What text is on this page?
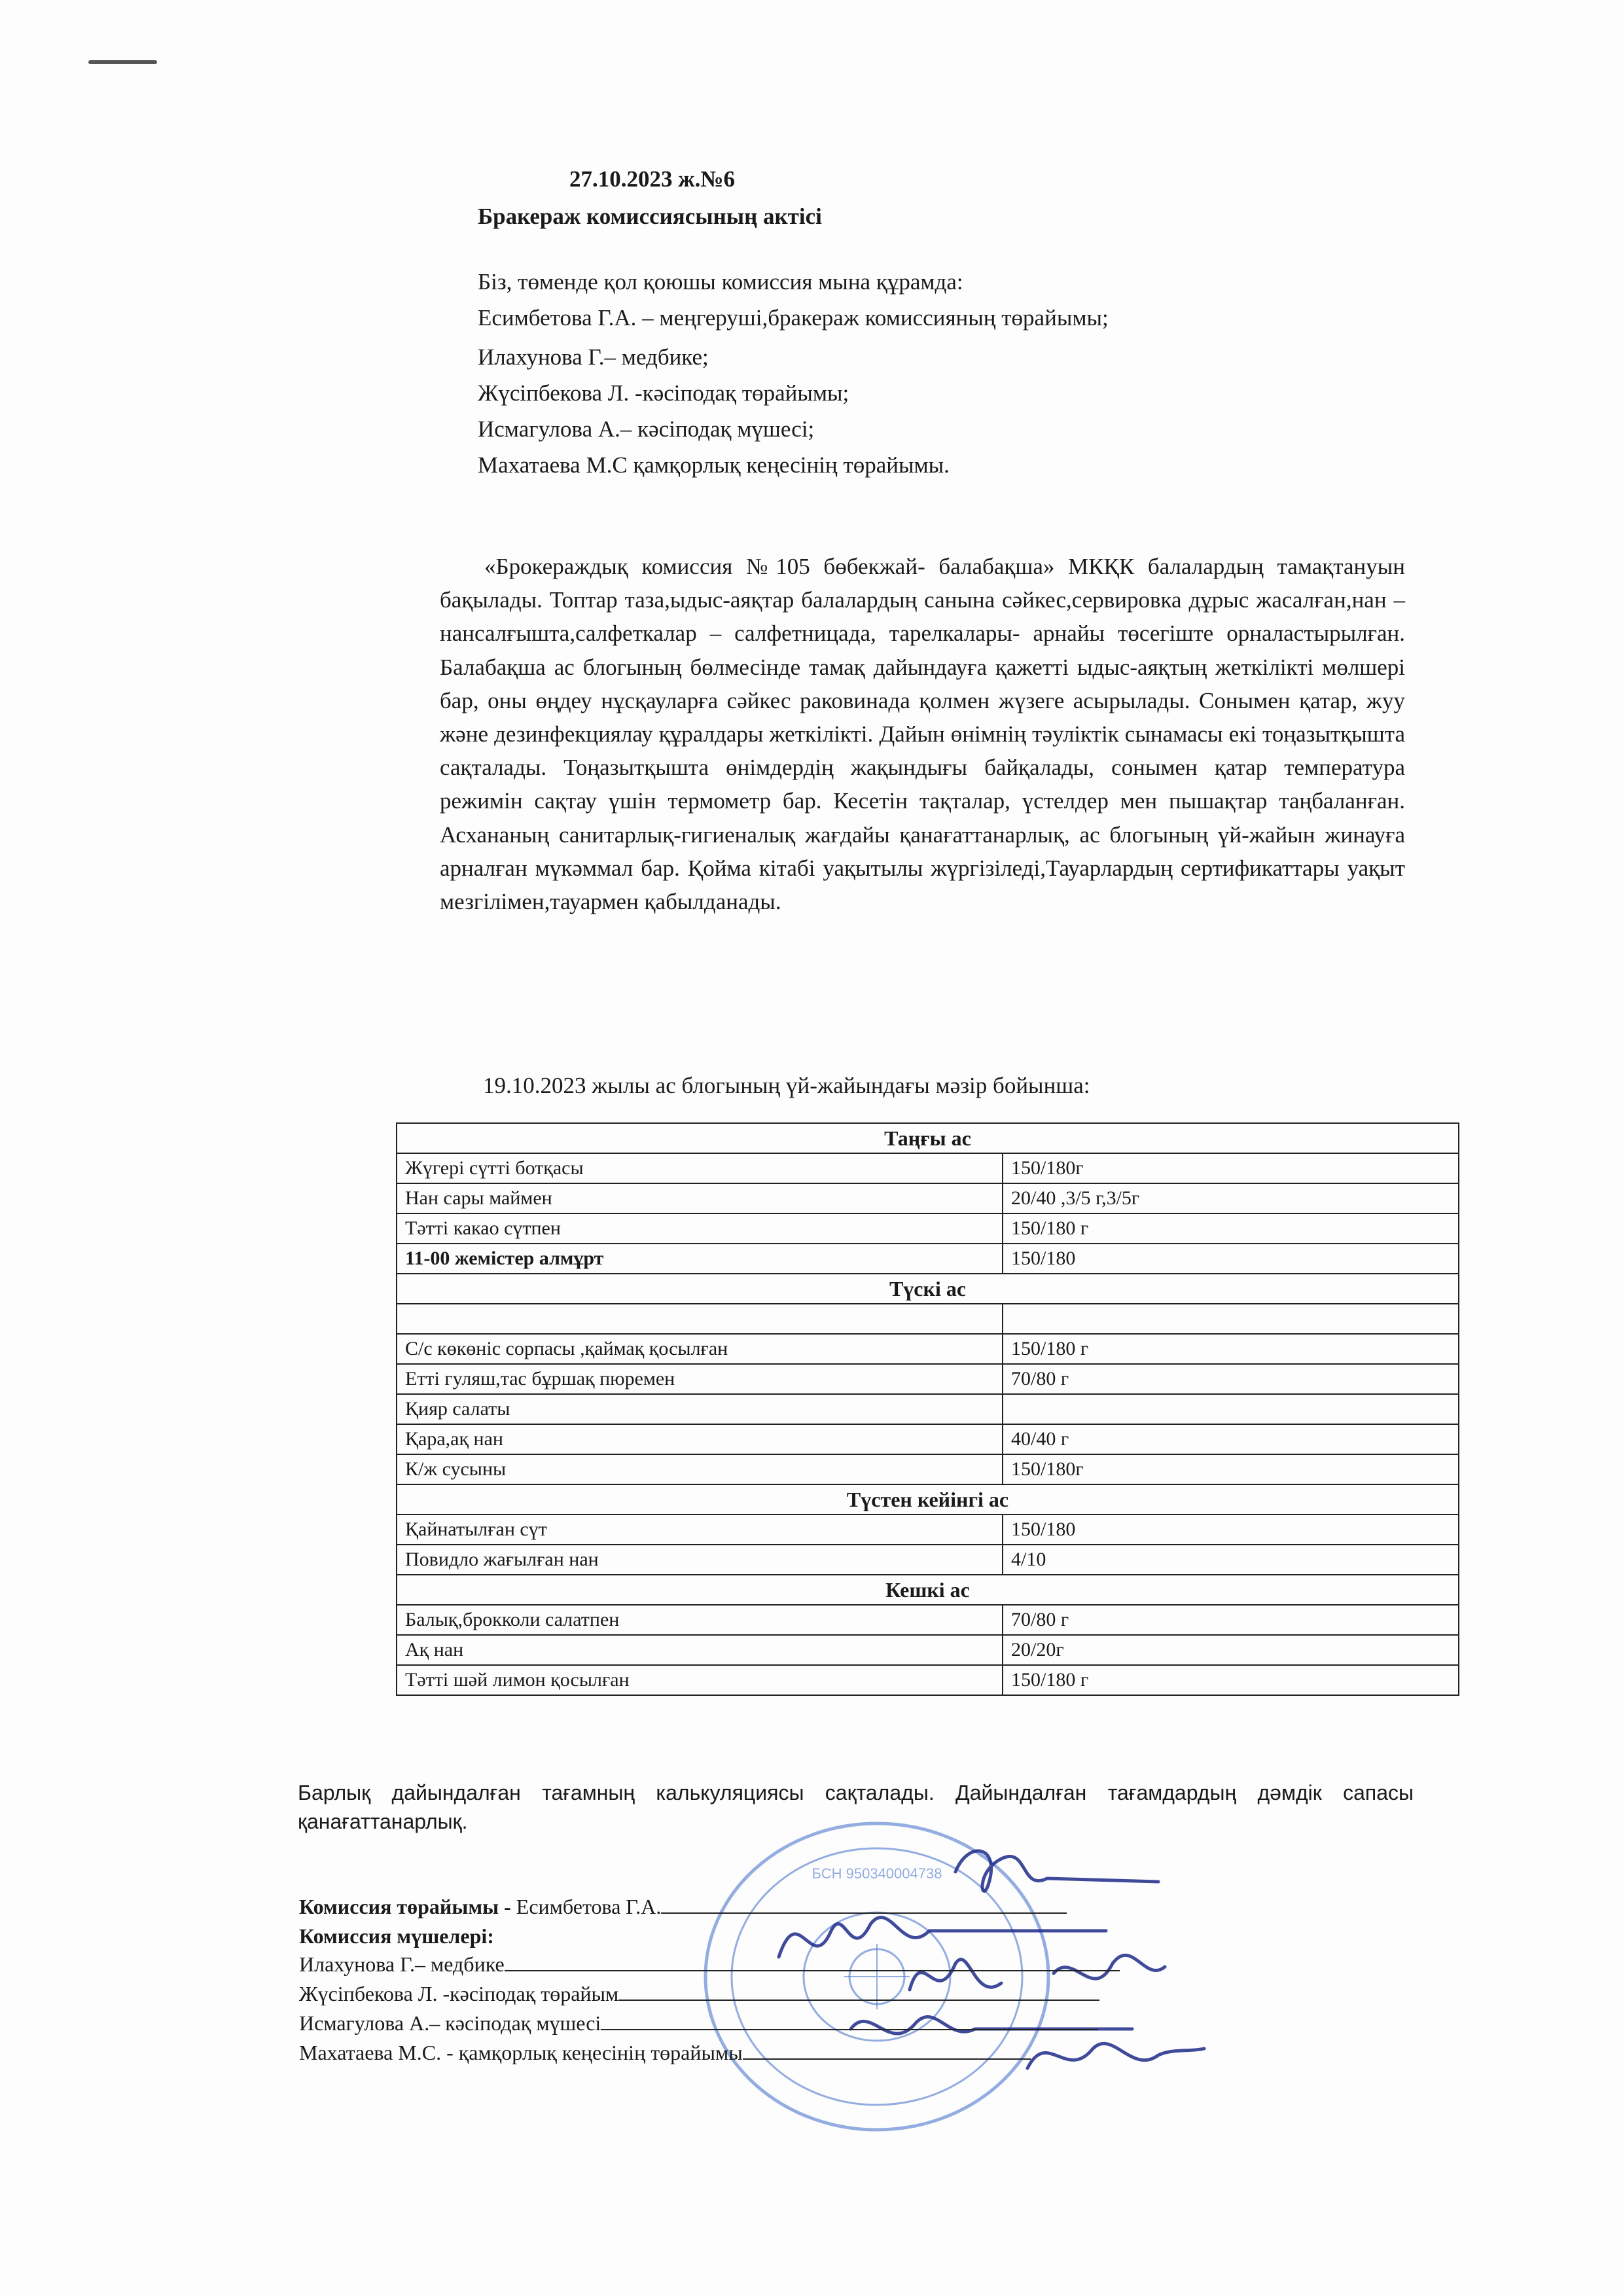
27.10.2023 ж.№6
Бракераж комиссиясының актісі
Біз, төменде қол қоюшы комиссия мына құрамда:
Есимбетова Г.А. – меңгеруші,бракераж комиссияның төрайымы;
Илахунова Г.– медбике;
Жүсіпбекова Л. -кәсіподақ төрайымы;
Исмагулова А.– кәсіподақ мүшесі;
Махатаева М.С қамқорлық кеңесінің төрайымы.
«Брокераждық комиссия №105 бөбекжай- балабақша» МКҚК балалардың тамақтануын бақылады. Топтар таза,ыдыс-аяқтар балалардың санына сәйкес,сервировка дұрыс жасалған,нан –нансалғышта,салфеткалар – салфетницада, тарелкалары- арнайы төсегіште орналастырылған. Балабақша ас блогының бөлмесінде тамақ дайындауға қажетті ыдыс-аяқтың жеткілікті мөлшері бар, оны өңдеу нұсқауларға сәйкес раковинада қолмен жүзеге асырылады. Сонымен қатар, жуу және дезинфекциялау құралдары жеткілікті. Дайын өнімнің тәуліктік сынамасы екі тоңазытқышта сақталады. Тоңазытқышта өнімдердің жақындығы байқалады, сонымен қатар температура режимін сақтау үшін термометр бар. Кесетін тақталар, үстелдер мен пышақтар таңбаланған. Асхананың санитарлық-гигиеналық жағдайы қанағаттанарлық, ас блогының үй-жайын жинауға арналған мүкәммал бар. Қойма кітабі уақытылы жүргізіледі,Тауарлардың сертификаттары уақыт мезгілімен,тауармен қабылданады.
19.10.2023 жылы ас блогының үй-жайындағы мәзір бойынша:
Таңғы ас	
Жүгері сүтті ботқасы	150/180г
Нан сары маймен	20/40 ,3/5 г,3/5г
Тәтті какао сүтпен	150/180 г
11-00 жемістер алмұрт	150/180
Түскі ас	

С/с көкөніс сорпасы ,қаймақ қосылған	150/180 г
Етті гуляш,тас бұршақ пюремен	70/80 г
Қияр салаты	
Қара,ақ нан	40/40 г
К/ж сусыны	150/180г
Түстен кейінгі ас	
Қайнатылған сүт	150/180
Повидло жағылған нан	4/10
Кешкі ас	
Балық,брокколи салатпен	70/80 г
Ақ нан	20/20г
Тәтті шәй лимон қосылған	150/180 г
Барлық дайындалған тағамның калькуляциясы сақталады. Дайындалған тағамдардың дәмдік сапасы қанағаттанарлық.
БСН 950340004738
Комиссия төрайымы - Есимбетова Г.А.
Комиссия мүшелері:
Илахунова Г.– медбике
Жүсіпбекова Л. -кәсіподақ төрайым
Исмагулова А.– кәсіподақ мүшесі
Махатаева М.С. - қамқорлық кеңесінің төрайымы
